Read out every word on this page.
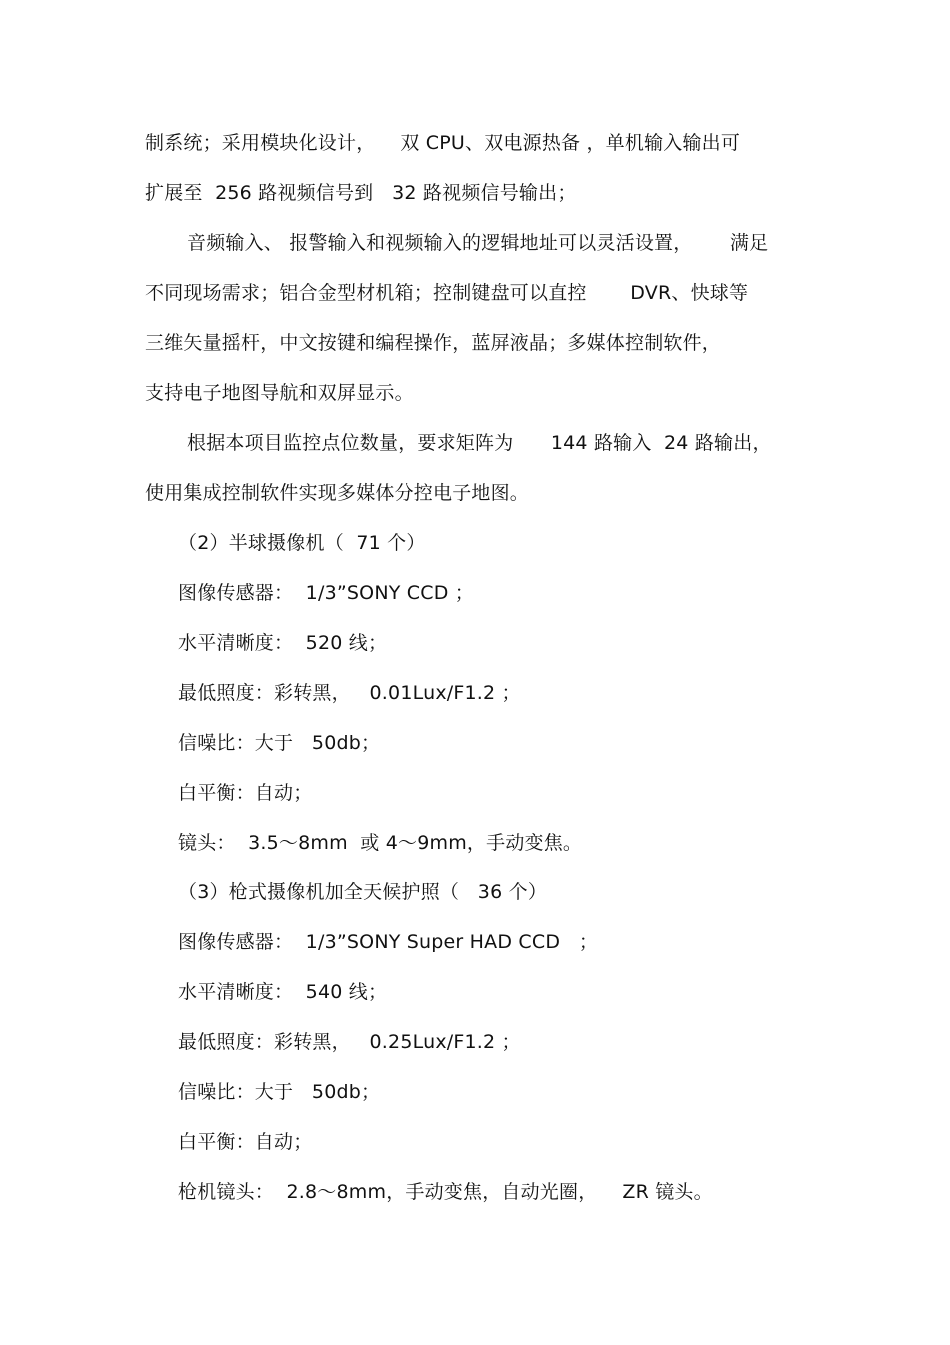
制系统；采用模块化设计，    双 CPU、双电源热备 ，单机输入输出可
扩展至  256 路视频信号到   32 路视频信号输出；
音频输入、 报警输入和视频输入的逻辑地址可以灵活设置，      满足
不同现场需求；铝合金型材机箱；控制键盘可以直控       DVR、快球等
三维矢量摇杆，中文按键和编程操作，蓝屏液晶；多媒体控制软件，
支持电子地图导航和双屏显示。
根据本项目监控点位数量，要求矩阵为      144 路输入  24 路输出，
使用集成控制软件实现多媒体分控电子地图。
（2）半球摄像机（  71 个）
图像传感器：  1/3”SONY CCD ；
水平清晰度：  520 线；
最低照度：彩转黑，   0.01Lux/F1.2 ；
信噪比：大于   50db；
白平衡：自动；
镜头：  3.5～8mm  或 4～9mm，手动变焦。
（3）枪式摄像机加全天候护照（   36 个）
图像传感器：  1/3”SONY Super HAD CCD   ；
水平清晰度：  540 线；
最低照度：彩转黑，   0.25Lux/F1.2 ；
信噪比：大于   50db；
白平衡：自动；
枪机镜头：  2.8～8mm，手动变焦，自动光圈，    ZR 镜头。
